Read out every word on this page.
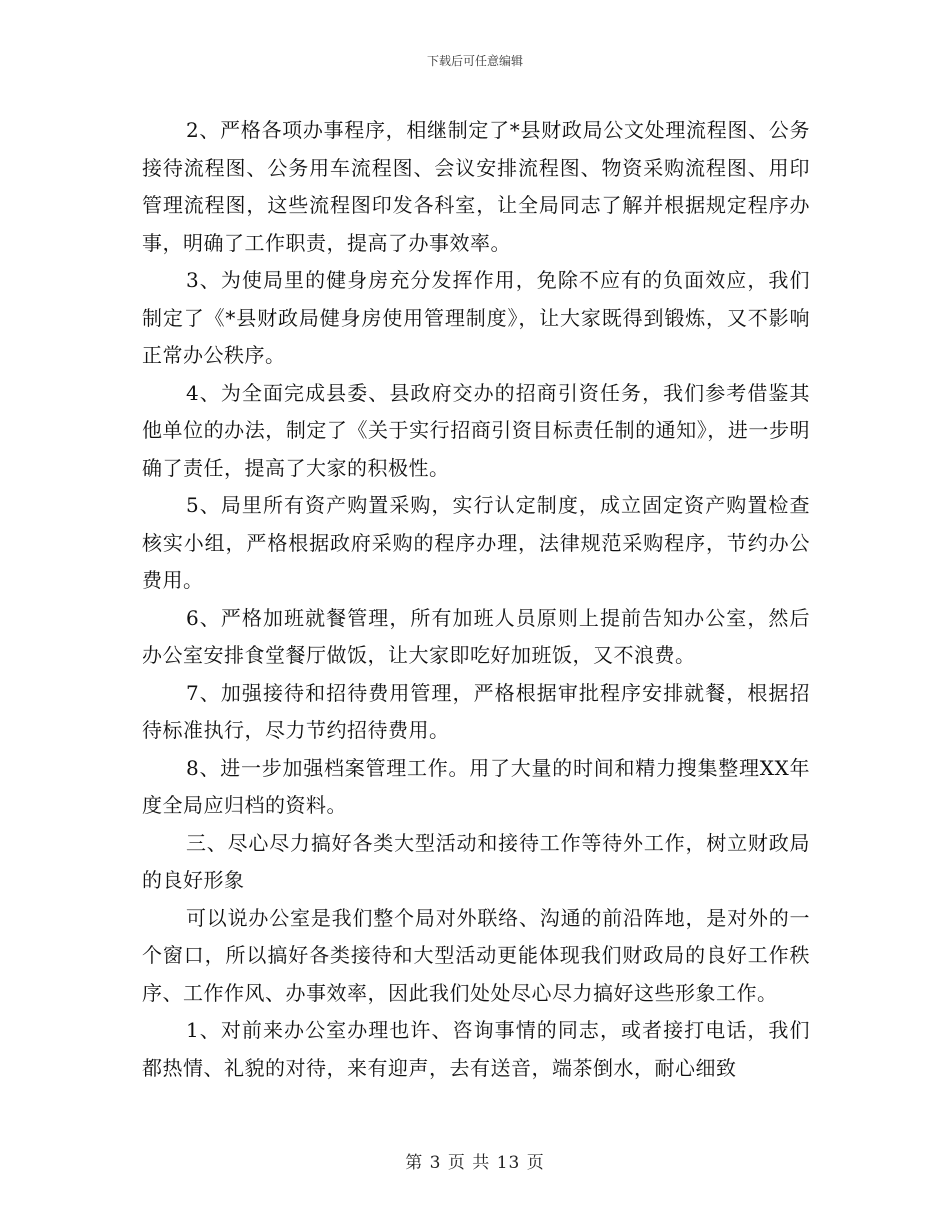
下载后可任意编辑

2、严格各项办事程序，相继制定了*县财政局公文处理流程图、公务接待流程图、公务用车流程图、会议安排流程图、物资采购流程图、用印管理流程图，这些流程图印发各科室，让全局同志了解并根据规定程序办事，明确了工作职责，提高了办事效率。

3、为使局里的健身房充分发挥作用，免除不应有的负面效应，我们制定了《*县财政局健身房使用管理制度》，让大家既得到锻炼，又不影响正常办公秩序。

4、为全面完成县委、县政府交办的招商引资任务，我们参考借鉴其他单位的办法，制定了《关于实行招商引资目标责任制的通知》，进一步明确了责任，提高了大家的积极性。

5、局里所有资产购置采购，实行认定制度，成立固定资产购置检查核实小组，严格根据政府采购的程序办理，法律规范采购程序，节约办公费用。

6、严格加班就餐管理，所有加班人员原则上提前告知办公室，然后办公室安排食堂餐厅做饭，让大家即吃好加班饭，又不浪费。

7、加强接待和招待费用管理，严格根据审批程序安排就餐，根据招待标准执行，尽力节约招待费用。

8、进一步加强档案管理工作。用了大量的时间和精力搜集整理XX年度全局应归档的资料。

三、尽心尽力搞好各类大型活动和接待工作等待外工作，树立财政局的良好形象

可以说办公室是我们整个局对外联络、沟通的前沿阵地，是对外的一个窗口，所以搞好各类接待和大型活动更能体现我们财政局的良好工作秩序、工作作风、办事效率，因此我们处处尽心尽力搞好这些形象工作。

1、对前来办公室办理也许、咨询事情的同志，或者接打电话，我们都热情、礼貌的对待，来有迎声，去有送音，端茶倒水，耐心细致

第 3 页 共 13 页
